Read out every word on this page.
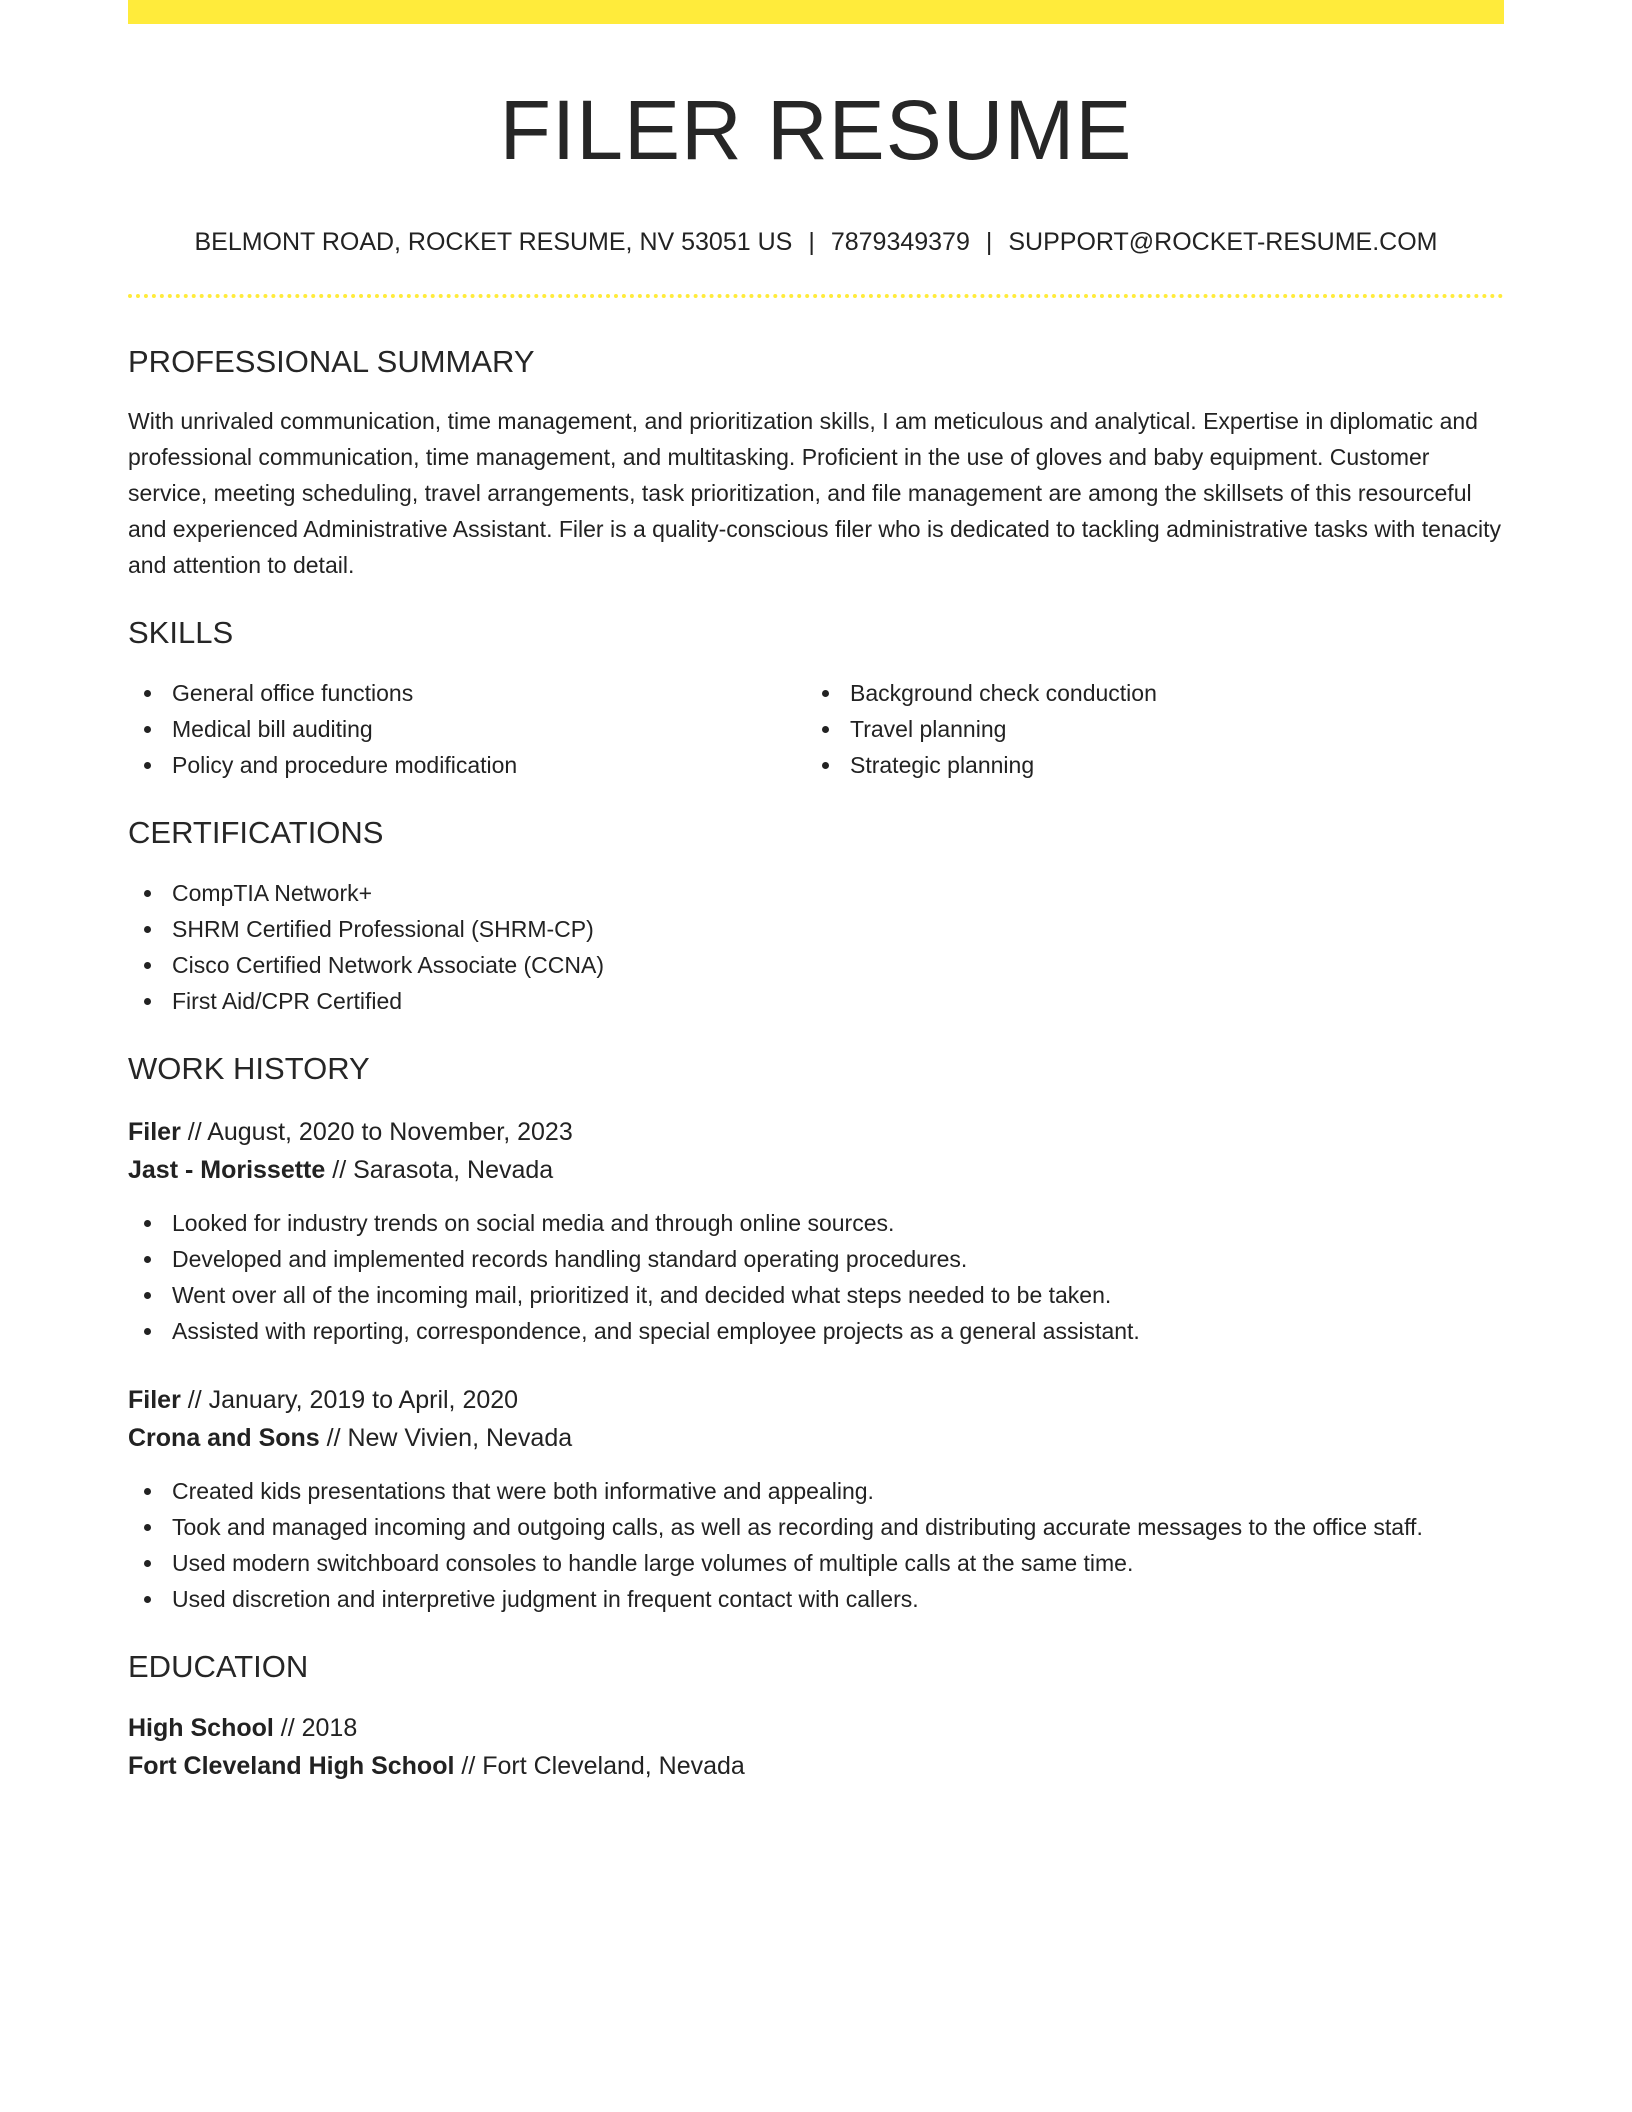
FILER RESUME
BELMONT ROAD, ROCKET RESUME, NV 53051 US | 7879349379 | SUPPORT@ROCKET-RESUME.COM
PROFESSIONAL SUMMARY
With unrivaled communication, time management, and prioritization skills, I am meticulous and analytical. Expertise in diplomatic and professional communication, time management, and multitasking. Proficient in the use of gloves and baby equipment. Customer service, meeting scheduling, travel arrangements, task prioritization, and file management are among the skillsets of this resourceful and experienced Administrative Assistant. Filer is a quality-conscious filer who is dedicated to tackling administrative tasks with tenacity and attention to detail.
SKILLS
General office functions
Medical bill auditing
Policy and procedure modification
Background check conduction
Travel planning
Strategic planning
CERTIFICATIONS
CompTIA Network+
SHRM Certified Professional (SHRM-CP)
Cisco Certified Network Associate (CCNA)
First Aid/CPR Certified
WORK HISTORY
Filer // August, 2020 to November, 2023
Jast - Morissette // Sarasota, Nevada
Looked for industry trends on social media and through online sources.
Developed and implemented records handling standard operating procedures.
Went over all of the incoming mail, prioritized it, and decided what steps needed to be taken.
Assisted with reporting, correspondence, and special employee projects as a general assistant.
Filer // January, 2019 to April, 2020
Crona and Sons // New Vivien, Nevada
Created kids presentations that were both informative and appealing.
Took and managed incoming and outgoing calls, as well as recording and distributing accurate messages to the office staff.
Used modern switchboard consoles to handle large volumes of multiple calls at the same time.
Used discretion and interpretive judgment in frequent contact with callers.
EDUCATION
High School // 2018
Fort Cleveland High School // Fort Cleveland, Nevada
